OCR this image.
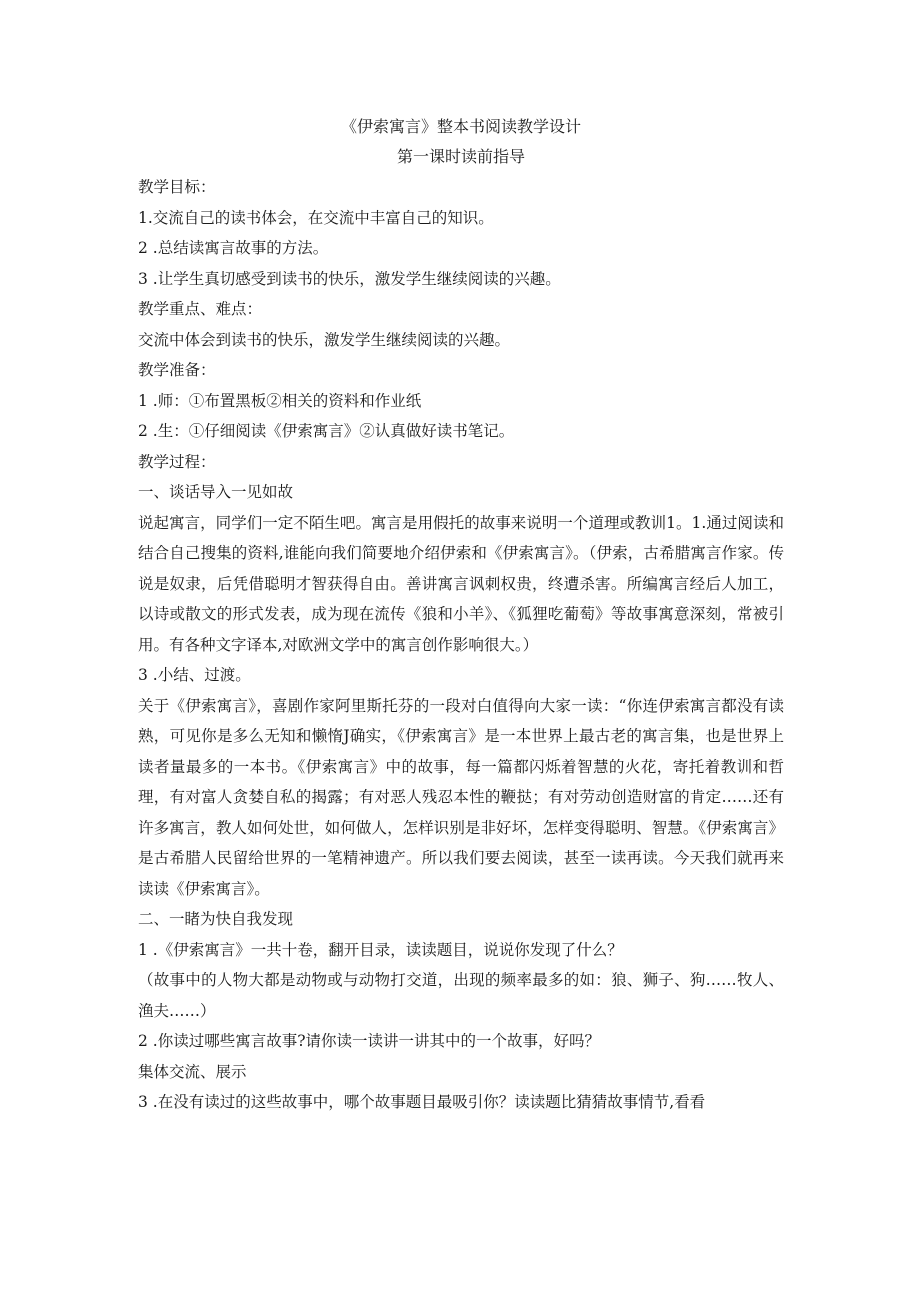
《伊索寓言》整本书阅读教学设计
第一课时读前指导
教学目标：
1.交流自己的读书体会，在交流中丰富自己的知识。
2 .总结读寓言故事的方法。
3 .让学生真切感受到读书的快乐，激发学生继续阅读的兴趣。
教学重点、难点：
交流中体会到读书的快乐，激发学生继续阅读的兴趣。
教学准备：
1 .师：①布置黑板②相关的资料和作业纸
2 .生：①仔细阅读《伊索寓言》②认真做好读书笔记。
教学过程：
一、谈话导入一见如故
说起寓言，同学们一定不陌生吧。寓言是用假托的故事来说明一个道理或教训1。1.通过阅读和结合自己搜集的资料,谁能向我们简要地介绍伊索和《伊索寓言》。（伊索，古希腊寓言作家。传说是奴隶，后凭借聪明才智获得自由。善讲寓言讽刺权贵，终遭杀害。所编寓言经后人加工，以诗或散文的形式发表，成为现在流传《狼和小羊》、《狐狸吃葡萄》等故事寓意深刻，常被引用。有各种文字译本,对欧洲文学中的寓言创作影响很大。）
3 .小结、过渡。
关于《伊索寓言》，喜剧作家阿里斯托芬的一段对白值得向大家一读：“你连伊索寓言都没有读熟，可见你是多么无知和懒惰J确实，《伊索寓言》是一本世界上最古老的寓言集，也是世界上读者量最多的一本书。《伊索寓言》中的故事，每一篇都闪烁着智慧的火花，寄托着教训和哲理，有对富人贪婪自私的揭露；有对恶人残忍本性的鞭挞；有对劳动创造财富的肯定……还有许多寓言，教人如何处世，如何做人，怎样识别是非好坏，怎样变得聪明、智慧。《伊索寓言》是古希腊人民留给世界的一笔精神遗产。所以我们要去阅读，甚至一读再读。今天我们就再来读读《伊索寓言》。
二、一睹为快自我发现
1 .《伊索寓言》一共十卷，翻开目录，读读题目，说说你发现了什么？
（故事中的人物大都是动物或与动物打交道，出现的频率最多的如：狼、狮子、狗……牧人、渔夫……）
2 .你读过哪些寓言故事?请你读一读讲一讲其中的一个故事，好吗？
集体交流、展示
3 .在没有读过的这些故事中，哪个故事题目最吸引你？读读题比猜猜故事情节,看看
